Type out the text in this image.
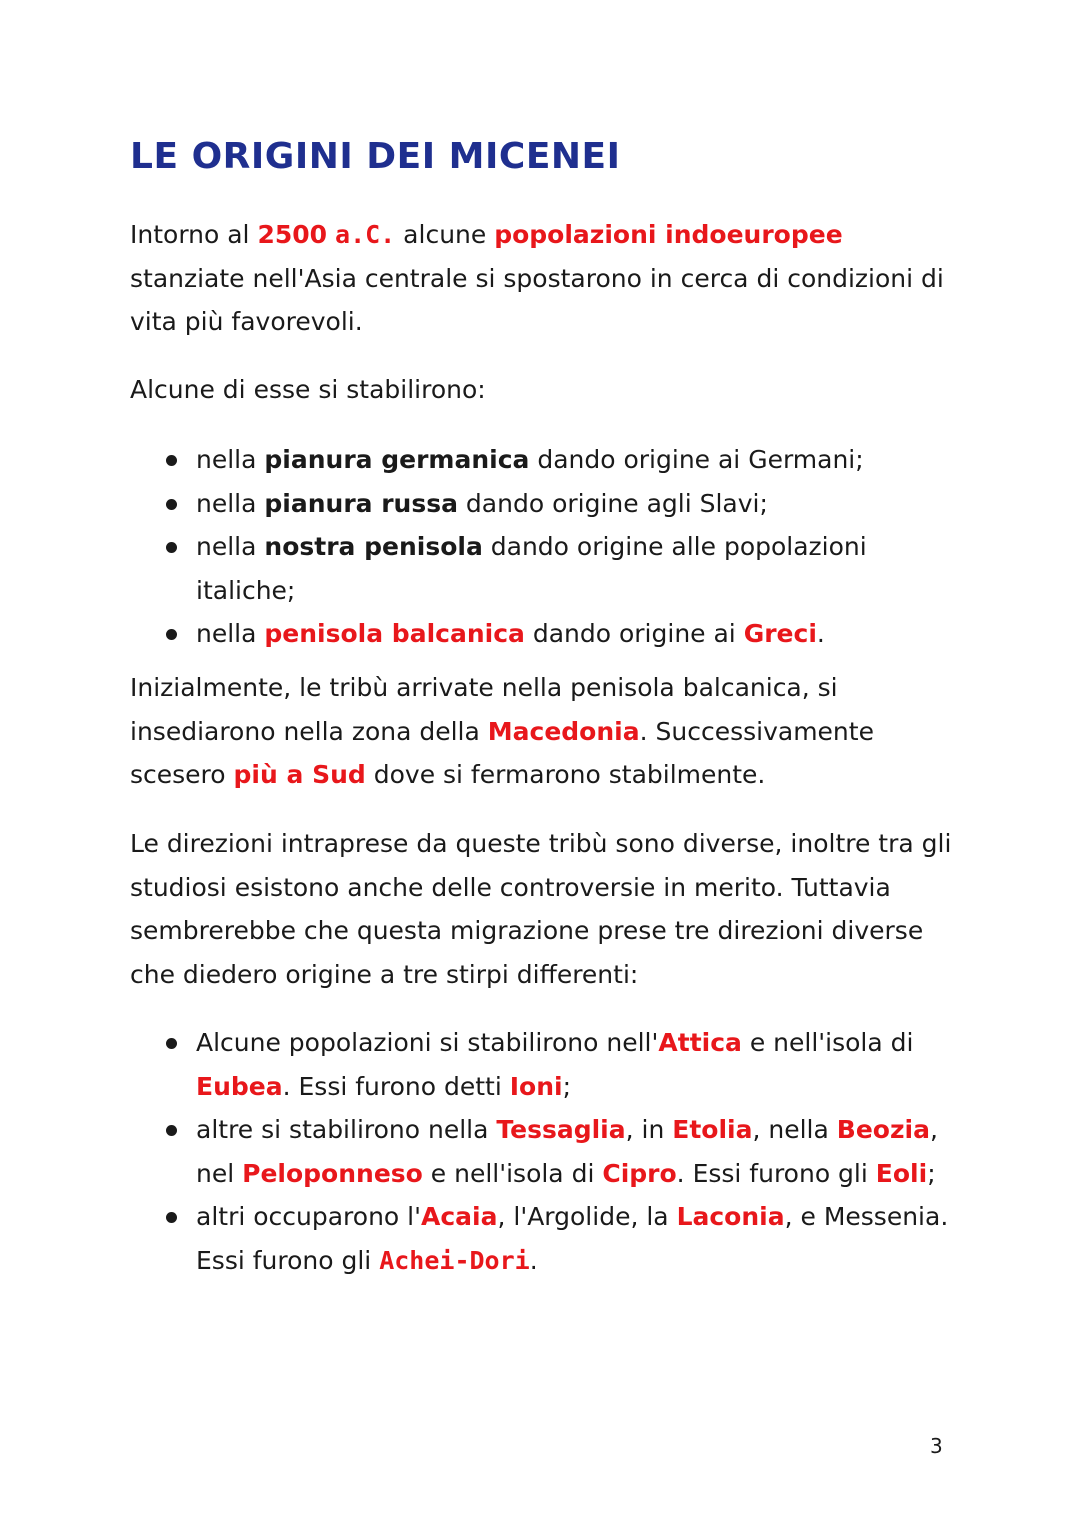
LE ORIGINI DEI MICENEI

Intorno al 2500 a.C. alcune popolazioni indoeuropee stanziate nell'Asia centrale si spostarono in cerca di condizioni di vita più favorevoli.

Alcune di esse si stabilirono:

nella pianura germanica dando origine ai Germani;
nella pianura russa dando origine agli Slavi;
nella nostra penisola dando origine alle popolazioni italiche;
nella penisola balcanica dando origine ai Greci.

Inizialmente, le tribù arrivate nella penisola balcanica, si insediarono nella zona della Macedonia. Successivamente scesero più a Sud dove si fermarono stabilmente.

Le direzioni intraprese da queste tribù sono diverse, inoltre tra gli studiosi esistono anche delle controversie in merito. Tuttavia sembrerebbe che questa migrazione prese tre direzioni diverse che diedero origine a tre stirpi differenti:

Alcune popolazioni si stabilirono nell'Attica e nell'isola di Eubea. Essi furono detti Ioni;
altre si stabilirono nella Tessaglia, in Etolia, nella Beozia, nel Peloponneso e nell'isola di Cipro. Essi furono gli Eoli;
altri occuparono l'Acaia, l'Argolide, la Laconia, e Messenia. Essi furono gli Achei-Dori.
3
